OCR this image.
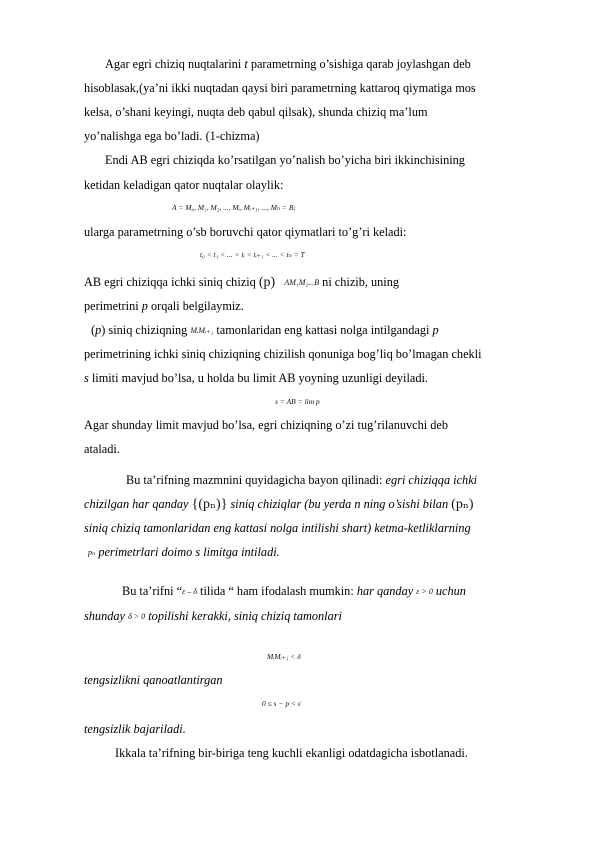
Agar egri chiziq nuqtalarini t parametrning o’sishiga qarab joylashgan deb
hisoblasak,(ya’ni ikki nuqtadan qaysi biri parametrning kattaroq qiymatiga mos
kelsa, o’shani keyingi, nuqta deb qabul qilsak), shunda chiziq ma’lum
yo’nalishga ega bo’ladi. (1-chizma)
Endi AB egri chiziqda ko’rsatilgan yo’nalish bo’yicha biri ikkinchisining
ketidan keladigan qator nuqtalar olaylik:
A = M₀, M₁, M₂, ..., Mᵢ, Mᵢ₊₁, ..., Mₙ = B;
ularga parametrning o’sb boruvchi qator qiymatlari to’g’ri keladi:
t₀ < t₁ < ... < tᵢ < tᵢ₊₁ < ... < tₙ = T
AB egri chiziqqa ichki siniq chiziq (p) AM₁M₂...B ni chizib, uning
perimetrini p orqali belgilaymiz.
(p) siniq chiziqning MᵢMᵢ₊₁ tamonlaridan eng kattasi nolga intilgandagi p
perimetrining ichki siniq chiziqning chizilish qonuniga bog’liq bo’lmagan chekli
s limiti mavjud bo’lsa, u holda bu limit AB yoyning uzunligi deyiladi.
s = AB = lim p
Agar shunday limit mavjud bo’lsa, egri chiziqning o’zi tug’rilanuvchi deb
ataladi.
Bu ta’rifning mazmnini quyidagicha bayon qilinadi: egri chiziqqa ichki
chizilgan har qanday {(pₙ)} siniq chiziqlar (bu yerda n ning o’sishi bilan (pₙ)
siniq chiziq tamonlaridan eng kattasi nolga intilishi shart) ketma-ketliklarning
pₙ perimetrlari doimo s limitga intiladi.
Bu ta’rifni “ε – δ tilida “ ham ifodalash mumkin: har qanday ε > 0 uchun
shunday δ > 0 topilishi kerakki, siniq chiziq tamonlari
MᵢMᵢ₊₁ < δ
tengsizlikni qanoatlantirgan
0 ≤ s − p < ε
tengsizlik bajariladi.
Ikkala ta’rifning bir-biriga teng kuchli ekanligi odatdagicha isbotlanadi.
